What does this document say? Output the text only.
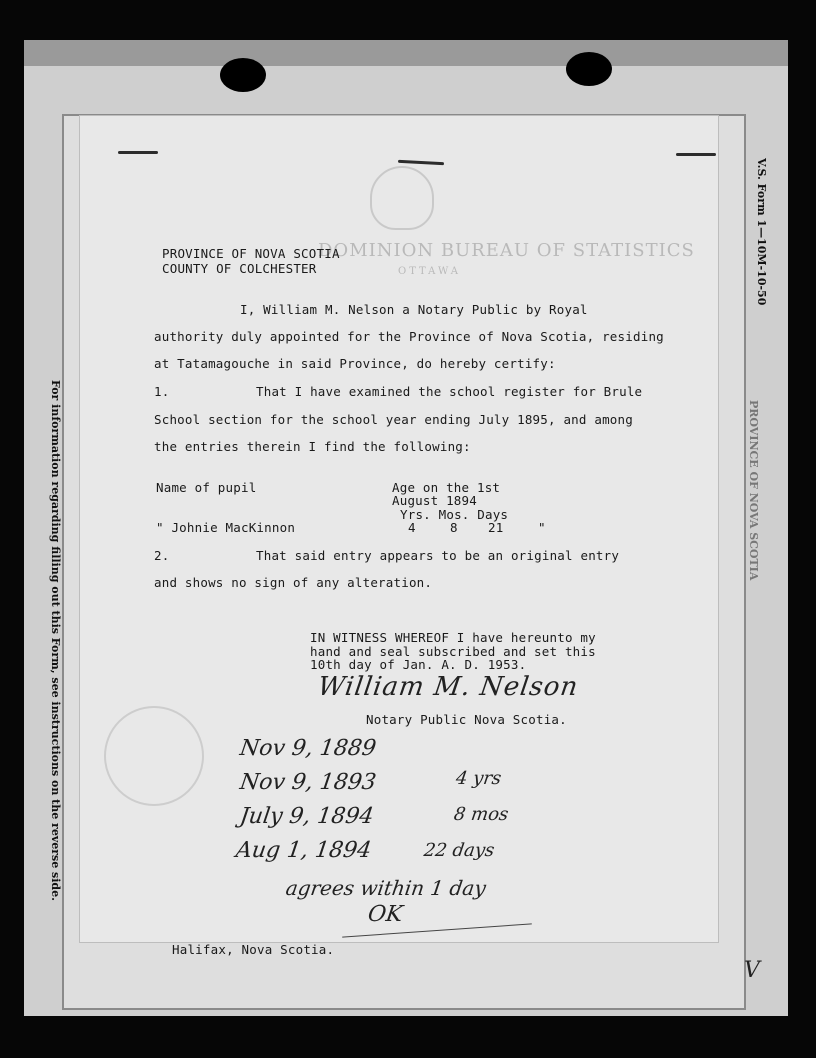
For information regarding filling out this Form, see instructions on the reverse side.
V.S. Form 1—10M-10-50
PROVINCE OF NOVA SCOTIA
DOMINION BUREAU OF STATISTICS
OTTAWA
PROVINCE OF NOVA SCOTIA
COUNTY OF COLCHESTER
I, William M. Nelson a Notary Public by Royal
authority duly appointed for the Province of Nova Scotia, residing
at Tatamagouche in said Province, do hereby certify:
1.	That I have examined the school register for Brule
School section for the school year ending July 1895, and among
the entries therein I find the following:
Name of pupil	Age on the 1st
August 1894
Yrs. Mos. Days
" Johnie MacKinnon	4	8 21	"
2.	That said entry appears to be an original entry
and shows no sign of any alteration.
IN WITNESS WHEREOF I have hereunto my
hand and seal subscribed and set this
10th day of Jan. A. D. 1953.
William M. Nelson
Notary Public Nova Scotia.
Nov 9, 1889
Nov 9, 1893	4 yrs
July 9, 1894	8 mos
Aug 1, 1894	22 days
agrees within 1 day
OK
Halifax, Nova Scotia.
V
